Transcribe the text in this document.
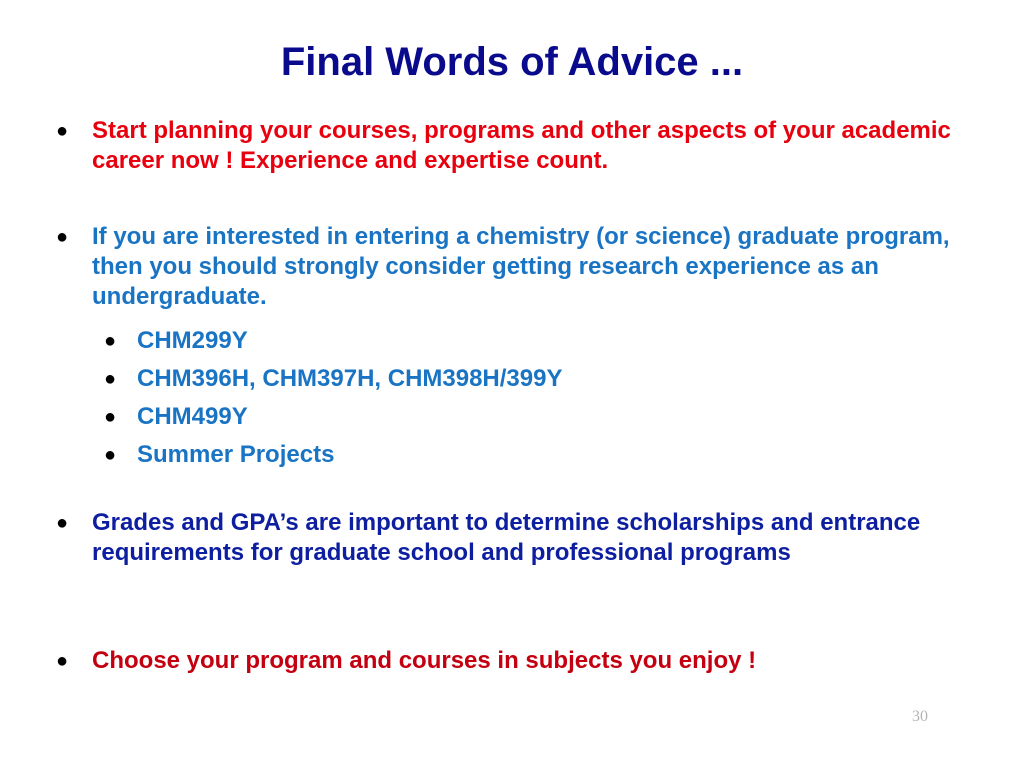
Final Words of Advice ...
● Start planning your courses, programs and other aspects of your academic career now ! Experience and expertise count.
● If you are interested in entering a chemistry (or science) graduate program, then you should strongly consider getting research experience as an undergraduate.
● CHM299Y
● CHM396H, CHM397H, CHM398H/399Y
● CHM499Y
● Summer Projects
● Grades and GPA’s are important to determine scholarships and entrance requirements for graduate school and professional programs
● Choose your program and courses in subjects you enjoy !
30
